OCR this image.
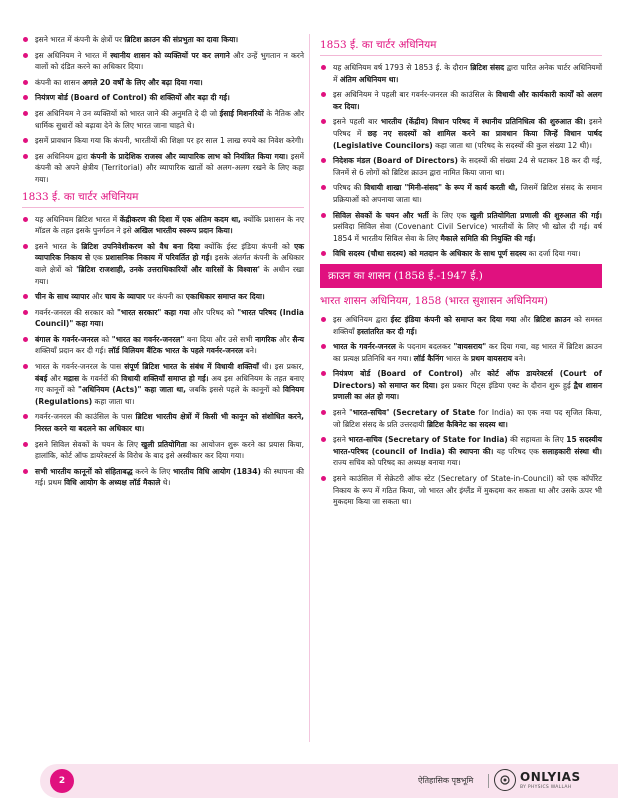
इसने भारत में कंपनी के क्षेत्रों पर ब्रिटिश क्राउन की संप्रभुता का दावा किया।
इस अधिनियम ने भारत में स्थानीय शासन को व्यक्तियों पर कर लगाने और उन्हें भुगतान न करने वालों को दंडित करने का अधिकार दिया।
कंपनी का शासन अगले 20 वर्षों के लिए और बढ़ा दिया गया।
नियंत्रण बोर्ड (Board of Control) की शक्तियों और बढ़ा दी गई।
इस अधिनियम ने उन व्यक्तियों को भारत जाने की अनुमति दे दी जो ईसाई मिशनरियों के नैतिक और धार्मिक सुधारों को बढ़ावा देने के लिए भारत जाना चाहते थे।
इसमें प्रावधान किया गया कि कंपनी, भारतीयों की शिक्षा पर हर साल 1 लाख रुपये का निवेश करेगी।
इस अधिनियम द्वारा कंपनी के प्रादेशिक राजस्व और व्यापारिक लाभ को नियंत्रित किया गया। इसमें कंपनी को अपने क्षेत्रीय (Territorial) और व्यापारिक खातों को अलग-अलग रखने के लिए कहा गया।
1833 ई. का चार्टर अधिनियम
यह अधिनियम ब्रिटिश भारत में केंद्रीकरण की दिशा में एक अंतिम कदम था, क्योंकि प्रशासन के नए मॉडल के तहत इसके पुनर्गठन ने इसे अखिल भारतीय स्वरूप प्रदान किया।
इसने भारत के ब्रिटिश उपनिवेशीकरण को वैध बना दिया क्योंकि ईस्ट इंडिया कंपनी को एक व्यापारिक निकाय से एक प्रशासनिक निकाय में परिवर्तित हो गई। इसके अंतर्गत कंपनी के अधिकार वाले क्षेत्रों को 'ब्रिटिश राजशाही, उनके उत्तराधिकारियों और वारिसों के विश्वास' के अधीन रखा गया।
चीन के साथ व्यापार और चाय के व्यापार पर कंपनी का एकाधिकार समाप्त कर दिया।
गवर्नर-जनरल की सरकार को "भारत सरकार" कहा गया और परिषद को "भारत परिषद (India Council)" कहा गया।
बंगाल के गवर्नर-जनरल को "भारत का गवर्नर-जनरल" बना दिया और उसे सभी नागरिक और सैन्य शक्तियाँ प्रदान कर दी गई। लॉर्ड विलियम बैंटिक भारत के पहले गवर्नर-जनरल बने।
भारत के गवर्नर-जनरल के पास संपूर्ण ब्रिटिश भारत के संबंध में विधायी शक्तियाँ थी। इस प्रकार, बंबई और मद्रास के गवर्नरों की विधायी शक्तियाँ समाप्त हो गई। अब इस अधिनियम के तहत बनाए गए कानूनों को "अधिनियम (Acts)" कहा जाता था, जबकि इससे पहले के कानूनों को विनियम (Regulations) कहा जाता था।
गवर्नर-जनरल की काउंसिल के पास ब्रिटिश भारतीय क्षेत्रों में किसी भी कानून को संशोधित करने, निरस्त करने या बदलने का अधिकार था।
इसने सिविल सेवकों के चयन के लिए खुली प्रतियोगिता का आयोजन शुरू करने का प्रयास किया, हालांकि, कोर्ट ऑफ डायरेक्टर्स के विरोध के बाद इसे अस्वीकार कर दिया गया।
सभी भारतीय कानूनों को संहिताबद्ध करने के लिए भारतीय विधि आयोग (1834) की स्थापना की गई। प्रथम विधि आयोग के अध्यक्ष लॉर्ड मैकाले थे।
1853 ई. का चार्टर अधिनियम
यह अधिनियम वर्ष 1793 से 1853 ई. के दौरान ब्रिटिश संसद द्वारा पारित अनेक चार्टर अधिनियमों में अंतिम अधिनियम था।
इस अधिनियम ने पहली बार गवर्नर-जनरल की काउंसिल के विधायी और कार्यकारी कार्यों को अलग कर दिया।
इसने पहली बार भारतीय (केंद्रीय) विधान परिषद में स्थानीय प्रतिनिधित्व की शुरुआत की। इसने परिषद में छह नए सदस्यों को शामिल करने का प्रावधान किया जिन्हें विधान पार्षद (Legislative Councilors) कहा जाता था (परिषद के सदस्यों की कुल संख्या 12 थी)।
निदेशक मंडल (Board of Directors) के सदस्यों की संख्या 24 से घटाकर 18 कर दी गई, जिनमें से 6 लोगों को ब्रिटिश क्राउन द्वारा नामित किया जाना था।
परिषद की विधायी शाखा "मिनी-संसद" के रूप में कार्य करती थी, जिसमें ब्रिटिश संसद के समान प्रक्रियाओं को अपनाया जाता था।
सिविल सेवकों के चयन और भर्ती के लिए एक खुली प्रतियोगिता प्रणाली की शुरुआत की गई। प्रसंविदा सिविल सेवा (Covenant Civil Service) भारतीयों के लिए भी खोल दी गई। वर्ष 1854 में भारतीय सिविल सेवा के लिए मैकाले समिति की नियुक्ति की गई।
विधि सदस्य (चौथा सदस्य) को मतदान के अधिकार के साथ पूर्ण सदस्य का दर्जा दिया गया।
क्राउन का शासन (1858 ई.-1947 ई.)
भारत शासन अधिनियम, 1858 (भारत सुशासन अधिनियम)
इस अधिनियम द्वारा ईस्ट इंडिया कंपनी को समाप्त कर दिया गया और ब्रिटिश क्राउन को समस्त शक्तियाँ हस्तांतरित कर दी गई।
भारत के गवर्नर-जनरल के पदनाम बदलकर "वायसराय" कर दिया गया, वह भारत में ब्रिटिश क्राउन का प्रत्यक्ष प्रतिनिधि बन गया। लॉर्ड कैनिंग भारत के प्रथम वायसराय बने।
नियंत्रण बोर्ड (Board of Control) और कोर्ट ऑफ डायरेक्टर्स (Court of Directors) को समाप्त कर दिया। इस प्रकार पिट्स इंडिया एक्ट के दौरान शुरू हुई द्वैध शासन प्रणाली का अंत हो गया।
इसने "भारत-सचिव" (Secretary of State for India) का एक नया पद सृजित किया, जो ब्रिटिश संसद के प्रति उत्तरदायी ब्रिटिश कैबिनेट का सदस्य था।
इसने भारत-सचिव (Secretary of State for India) की सहायता के लिए 15 सदस्यीय भारत-परिषद (council of India) की स्थापना की। यह परिषद एक सलाहकारी संस्था थी। राज्य सचिव को परिषद का अध्यक्ष बनाया गया।
इसने काउंसिल में सेक्रेटरी ऑफ स्टेट (Secretary of State-in-Council) को एक कॉर्पोरेट निकाय के रूप में गठित किया, जो भारत और इंग्लैंड में मुकदमा कर सकता था और उसके ऊपर भी मुकदमा किया जा सकता था।
2	ऐतिहासिक पृष्ठभूमि	ONLYIAS
BY PHYSICS WALLAH
